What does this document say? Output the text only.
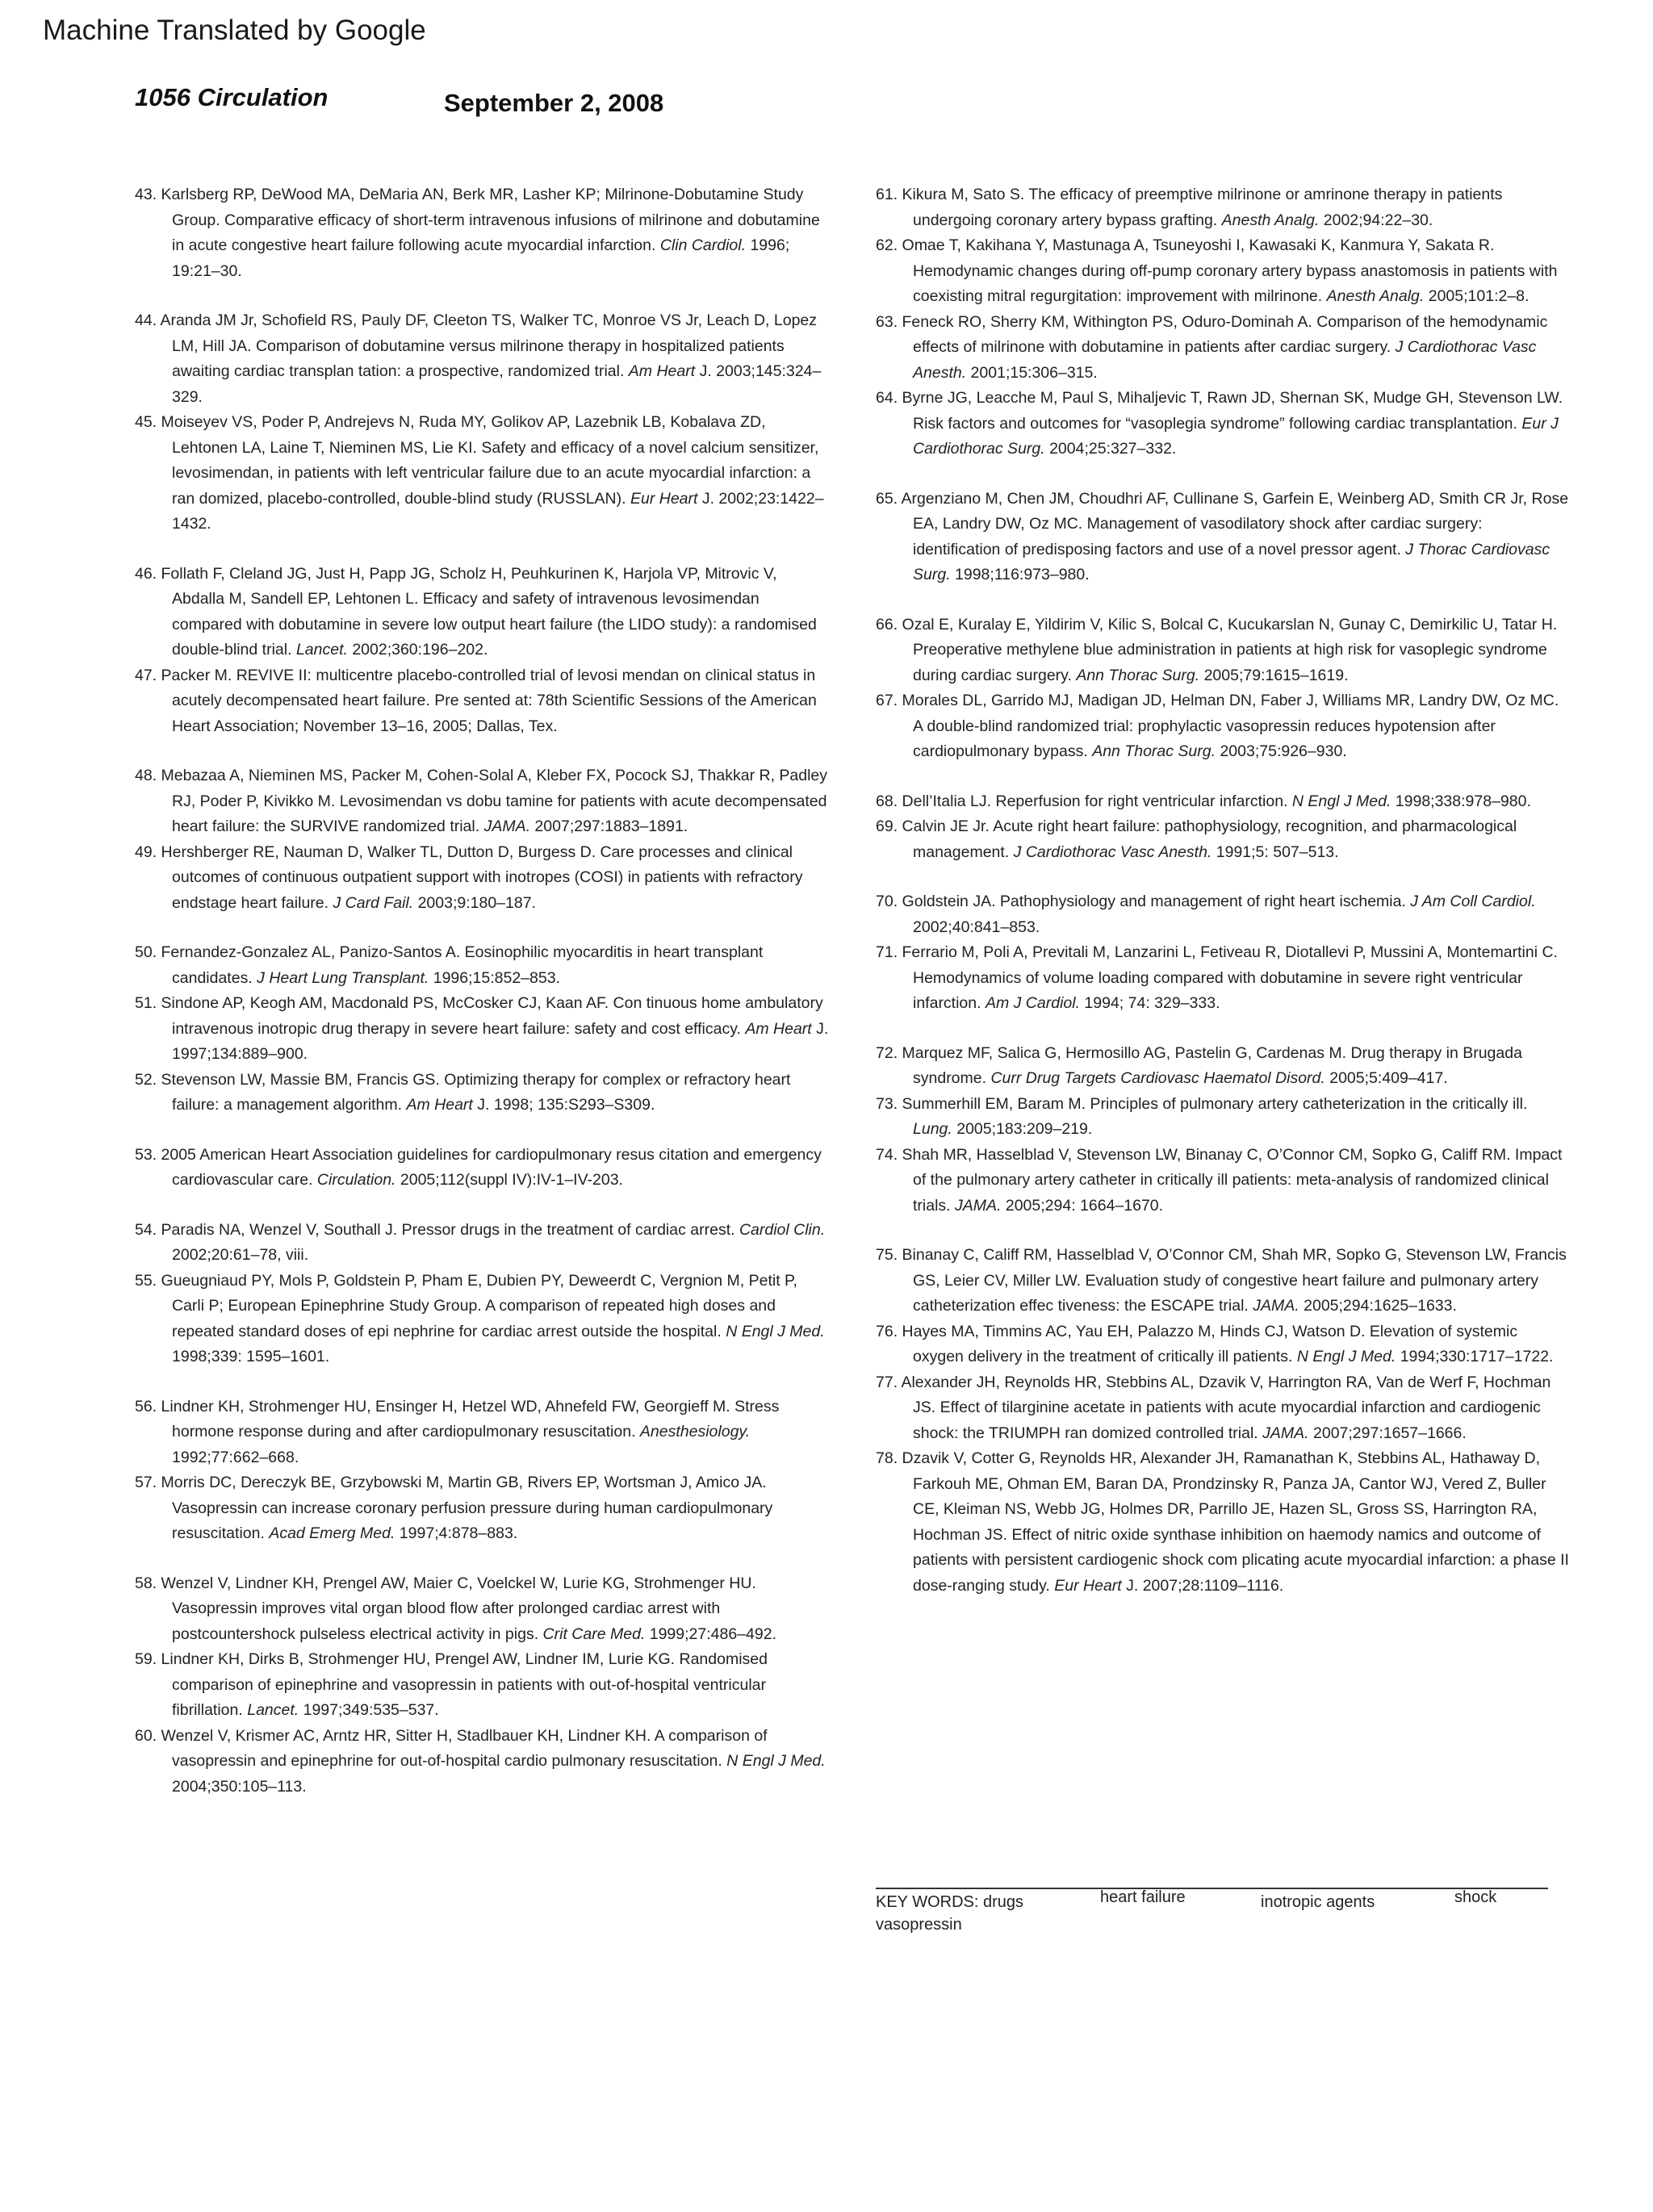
Machine Translated by Google
1056 Circulation	September 2, 2008
43. Karlsberg RP, DeWood MA, DeMaria AN, Berk MR, Lasher KP; Milrinone-Dobutamine Study Group. Comparative efficacy of short-term intravenous infusions of milrinone and dobutamine in acute congestive heart failure following acute myocardial infarction. Clin Cardiol. 1996; 19:21–30.
44. Aranda JM Jr, Schofield RS, Pauly DF, Cleeton TS, Walker TC, Monroe VS Jr, Leach D, Lopez LM, Hill JA. Comparison of dobutamine versus milrinone therapy in hospitalized patients awaiting cardiac transplan tation: a prospective, randomized trial. Am Heart J. 2003;145:324–329.
45. Moiseyev VS, Poder P, Andrejevs N, Ruda MY, Golikov AP, Lazebnik LB, Kobalava ZD, Lehtonen LA, Laine T, Nieminen MS, Lie KI. Safety and efficacy of a novel calcium sensitizer, levosimendan, in patients with left ventricular failure due to an acute myocardial infarction: a ran domized, placebo-controlled, double-blind study (RUSSLAN). Eur Heart J. 2002;23:1422–1432.
46. Follath F, Cleland JG, Just H, Papp JG, Scholz H, Peuhkurinen K, Harjola VP, Mitrovic V, Abdalla M, Sandell EP, Lehtonen L. Efficacy and safety of intravenous levosimendan compared with dobutamine in severe low output heart failure (the LIDO study): a randomised double-blind trial. Lancet. 2002;360:196–202.
47. Packer M. REVIVE II: multicentre placebo-controlled trial of levosi mendan on clinical status in acutely decompensated heart failure. Pre sented at: 78th Scientific Sessions of the American Heart Association; November 13–16, 2005; Dallas, Tex.
48. Mebazaa A, Nieminen MS, Packer M, Cohen-Solal A, Kleber FX, Pocock SJ, Thakkar R, Padley RJ, Poder P, Kivikko M. Levosimendan vs dobu tamine for patients with acute decompensated heart failure: the SURVIVE randomized trial. JAMA. 2007;297:1883–1891.
49. Hershberger RE, Nauman D, Walker TL, Dutton D, Burgess D. Care processes and clinical outcomes of continuous outpatient support with inotropes (COSI) in patients with refractory endstage heart failure. J Card Fail. 2003;9:180–187.
50. Fernandez-Gonzalez AL, Panizo-Santos A. Eosinophilic myocarditis in heart transplant candidates. J Heart Lung Transplant. 1996;15:852–853.
51. Sindone AP, Keogh AM, Macdonald PS, McCosker CJ, Kaan AF. Con tinuous home ambulatory intravenous inotropic drug therapy in severe heart failure: safety and cost efficacy. Am Heart J. 1997;134:889–900.
52. Stevenson LW, Massie BM, Francis GS. Optimizing therapy for complex or refractory heart failure: a management algorithm. Am Heart J. 1998; 135:S293–S309.
53. 2005 American Heart Association guidelines for cardiopulmonary resus citation and emergency cardiovascular care. Circulation. 2005;112(suppl IV):IV-1–IV-203.
54. Paradis NA, Wenzel V, Southall J. Pressor drugs in the treatment of cardiac arrest. Cardiol Clin. 2002;20:61–78, viii.
55. Gueugniaud PY, Mols P, Goldstein P, Pham E, Dubien PY, Deweerdt C, Vergnion M, Petit P, Carli P; European Epinephrine Study Group. A comparison of repeated high doses and repeated standard doses of epi nephrine for cardiac arrest outside the hospital. N Engl J Med. 1998;339: 1595–1601.
56. Lindner KH, Strohmenger HU, Ensinger H, Hetzel WD, Ahnefeld FW, Georgieff M. Stress hormone response during and after cardiopulmonary resuscitation. Anesthesiology. 1992;77:662–668.
57. Morris DC, Dereczyk BE, Grzybowski M, Martin GB, Rivers EP, Wortsman J, Amico JA. Vasopressin can increase coronary perfusion pressure during human cardiopulmonary resuscitation. Acad Emerg Med. 1997;4:878–883.
58. Wenzel V, Lindner KH, Prengel AW, Maier C, Voelckel W, Lurie KG, Strohmenger HU. Vasopressin improves vital organ blood flow after prolonged cardiac arrest with postcountershock pulseless electrical activity in pigs. Crit Care Med. 1999;27:486–492.
59. Lindner KH, Dirks B, Strohmenger HU, Prengel AW, Lindner IM, Lurie KG. Randomised comparison of epinephrine and vasopressin in patients with out-of-hospital ventricular fibrillation. Lancet. 1997;349:535–537.
60. Wenzel V, Krismer AC, Arntz HR, Sitter H, Stadlbauer KH, Lindner KH. A comparison of vasopressin and epinephrine for out-of-hospital cardio pulmonary resuscitation. N Engl J Med. 2004;350:105–113.
61. Kikura M, Sato S. The efficacy of preemptive milrinone or amrinone therapy in patients undergoing coronary artery bypass grafting. Anesth Analg. 2002;94:22–30.
62. Omae T, Kakihana Y, Mastunaga A, Tsuneyoshi I, Kawasaki K, Kanmura Y, Sakata R. Hemodynamic changes during off-pump coronary artery bypass anastomosis in patients with coexisting mitral regurgitation: improvement with milrinone. Anesth Analg. 2005;101:2–8.
63. Feneck RO, Sherry KM, Withington PS, Oduro-Dominah A. Comparison of the hemodynamic effects of milrinone with dobutamine in patients after cardiac surgery. J Cardiothorac Vasc Anesth. 2001;15:306–315.
64. Byrne JG, Leacche M, Paul S, Mihaljevic T, Rawn JD, Shernan SK, Mudge GH, Stevenson LW. Risk factors and outcomes for “vasoplegia syndrome” following cardiac transplantation. Eur J Cardiothorac Surg. 2004;25:327–332.
65. Argenziano M, Chen JM, Choudhri AF, Cullinane S, Garfein E, Weinberg AD, Smith CR Jr, Rose EA, Landry DW, Oz MC. Management of vasodilatory shock after cardiac surgery: identification of predisposing factors and use of a novel pressor agent. J Thorac Cardiovasc Surg. 1998;116:973–980.
66. Ozal E, Kuralay E, Yildirim V, Kilic S, Bolcal C, Kucukarslan N, Gunay C, Demirkilic U, Tatar H. Preoperative methylene blue administration in patients at high risk for vasoplegic syndrome during cardiac surgery. Ann Thorac Surg. 2005;79:1615–1619.
67. Morales DL, Garrido MJ, Madigan JD, Helman DN, Faber J, Williams MR, Landry DW, Oz MC. A double-blind randomized trial: prophylactic vasopressin reduces hypotension after cardiopulmonary bypass. Ann Thorac Surg. 2003;75:926–930.
68. Dell’Italia LJ. Reperfusion for right ventricular infarction. N Engl J Med. 1998;338:978–980.
69. Calvin JE Jr. Acute right heart failure: pathophysiology, recognition, and pharmacological management. J Cardiothorac Vasc Anesth. 1991;5: 507–513.
70. Goldstein JA. Pathophysiology and management of right heart ischemia. J Am Coll Cardiol. 2002;40:841–853.
71. Ferrario M, Poli A, Previtali M, Lanzarini L, Fetiveau R, Diotallevi P, Mussini A, Montemartini C. Hemodynamics of volume loading compared with dobutamine in severe right ventricular infarction. Am J Cardiol. 1994; 74: 329–333.
72. Marquez MF, Salica G, Hermosillo AG, Pastelin G, Cardenas M. Drug therapy in Brugada syndrome. Curr Drug Targets Cardiovasc Haematol Disord. 2005;5:409–417.
73. Summerhill EM, Baram M. Principles of pulmonary artery catheterization in the critically ill. Lung. 2005;183:209–219.
74. Shah MR, Hasselblad V, Stevenson LW, Binanay C, O’Connor CM, Sopko G, Califf RM. Impact of the pulmonary artery catheter in critically ill patients: meta-analysis of randomized clinical trials. JAMA. 2005;294: 1664–1670.
75. Binanay C, Califf RM, Hasselblad V, O’Connor CM, Shah MR, Sopko G, Stevenson LW, Francis GS, Leier CV, Miller LW. Evaluation study of congestive heart failure and pulmonary artery catheterization effec tiveness: the ESCAPE trial. JAMA. 2005;294:1625–1633.
76. Hayes MA, Timmins AC, Yau EH, Palazzo M, Hinds CJ, Watson D. Elevation of systemic oxygen delivery in the treatment of critically ill patients. N Engl J Med. 1994;330:1717–1722.
77. Alexander JH, Reynolds HR, Stebbins AL, Dzavik V, Harrington RA, Van de Werf F, Hochman JS. Effect of tilarginine acetate in patients with acute myocardial infarction and cardiogenic shock: the TRIUMPH ran domized controlled trial. JAMA. 2007;297:1657–1666.
78. Dzavik V, Cotter G, Reynolds HR, Alexander JH, Ramanathan K, Stebbins AL, Hathaway D, Farkouh ME, Ohman EM, Baran DA, Prondzinsky R, Panza JA, Cantor WJ, Vered Z, Buller CE, Kleiman NS, Webb JG, Holmes DR, Parrillo JE, Hazen SL, Gross SS, Harrington RA, Hochman JS. Effect of nitric oxide synthase inhibition on haemody namics and outcome of patients with persistent cardiogenic shock com plicating acute myocardial infarction: a phase II dose-ranging study. Eur Heart J. 2007;28:1109–1116.
KEY WORDS: drugs	heart failure	inotropic agents	shock
vasopressin
